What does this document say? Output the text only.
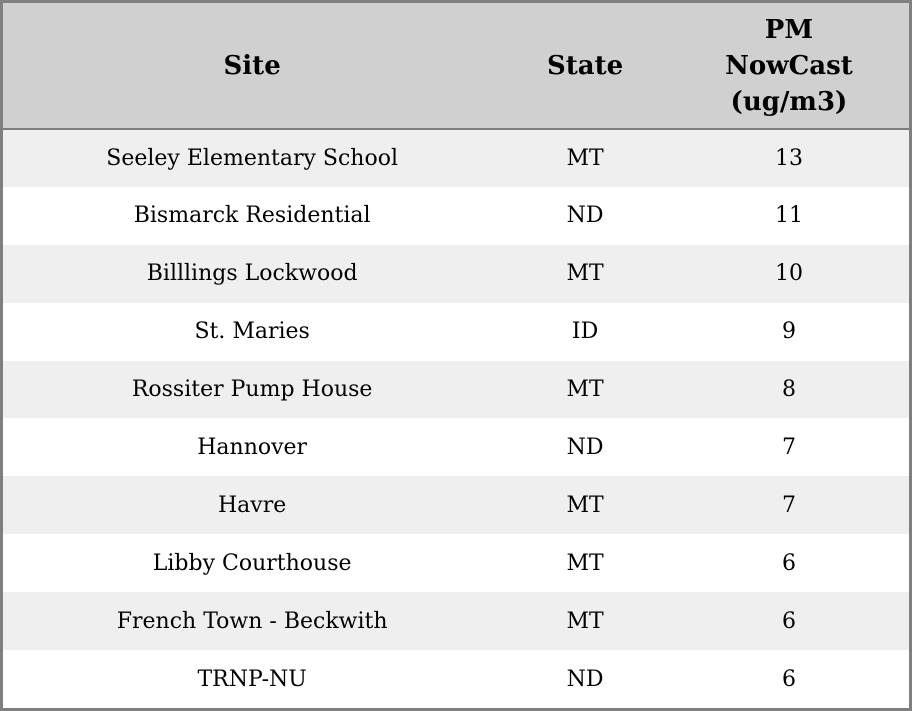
Site	State	PM NowCast (ug/m3)
Seeley Elementary School	MT	13
Bismarck Residential	ND	11
Billlings Lockwood	MT	10
St. Maries	ID	9
Rossiter Pump House	MT	8
Hannover	ND	7
Havre	MT	7
Libby Courthouse	MT	6
French Town - Beckwith	MT	6
TRNP-NU	ND	6
